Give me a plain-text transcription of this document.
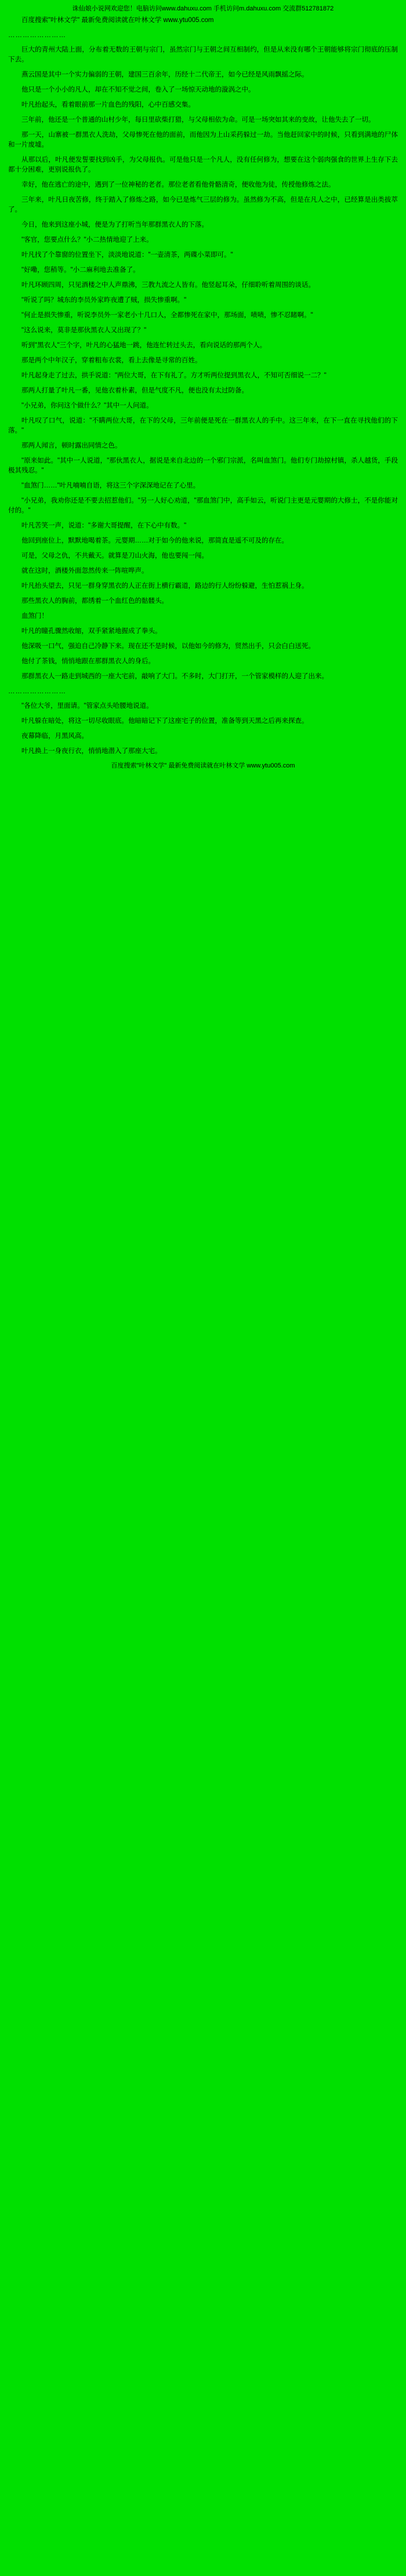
诛仙娘小说网欢迎您！电脑访问www.dahuxu.com 手机访问m.dahuxu.com 交流群512781872

百度搜索"叶林文学" 最新免费阅读就在叶林文学 www.ytu005.com

……………………

巨大的青州大陆上面，分布着无数的王朝与宗门，虽然宗门与王朝之间互相制约，但是从来没有哪个王朝能够将宗门彻底的压制下去。

燕云国是其中一个实力偏弱的王朝，建国三百余年，历经十二代帝王，如今已经是风雨飘摇之际。

他只是一个小小的凡人，却在不知不觉之间，卷入了一场惊天动地的漩涡之中。

叶凡抬起头，看着眼前那一片血色的残阳，心中百感交集。

三年前，他还是一个普通的山村少年，每日里砍柴打猎，与父母相依为命。可是一场突如其来的变故，让他失去了一切。

那一天，山寨被一群黑衣人洗劫，父母惨死在他的面前，而他因为上山采药躲过一劫。当他赶回家中的时候，只看到满地的尸体和一片废墟。

从那以后，叶凡便发誓要找到凶手，为父母报仇。可是他只是一个凡人，没有任何修为，想要在这个弱肉强食的世界上生存下去都十分困难，更别说报仇了。

幸好，他在逃亡的途中，遇到了一位神秘的老者。那位老者看他骨骼清奇，便收他为徒，传授他修炼之法。

三年来，叶凡日夜苦修，终于踏入了修炼之路，如今已是炼气三层的修为。虽然修为不高，但是在凡人之中，已经算是出类拔萃了。

今日，他来到这座小城，便是为了打听当年那群黑衣人的下落。

"客官，您要点什么？"小二热情地迎了上来。

叶凡找了个靠窗的位置坐下，淡淡地说道："一壶清茶，两碟小菜即可。"

"好嘞，您稍等。"小二麻利地去准备了。

叶凡环顾四周，只见酒楼之中人声鼎沸，三教九流之人皆有。他竖起耳朵，仔细聆听着周围的谈话。

"听说了吗？城东的李员外家昨夜遭了贼，损失惨重啊。"

"何止是损失惨重，听说李员外一家老小十几口人，全都惨死在家中，那场面，啧啧，惨不忍睹啊。"

"这么说来，莫非是那伙黑衣人又出现了？"

听到"黑衣人"三个字，叶凡的心猛地一跳，他连忙转过头去，看向说话的那两个人。

那是两个中年汉子，穿着粗布衣裳，看上去像是寻常的百姓。

叶凡起身走了过去，拱手说道："两位大哥，在下有礼了。方才听两位提到黑衣人，不知可否细说一二？"

那两人打量了叶凡一番，见他衣着朴素，但是气度不凡，便也没有太过防备。

"小兄弟，你问这个做什么？"其中一人问道。

叶凡叹了口气，说道："不瞒两位大哥，在下的父母，三年前便是死在一群黑衣人的手中。这三年来，在下一直在寻找他们的下落。"

那两人闻言，顿时露出同情之色。

"原来如此。"其中一人说道，"那伙黑衣人，据说是来自北边的一个邪门宗派，名叫血煞门。他们专门劫掠村镇，杀人越货，手段极其残忍。"

"血煞门……"叶凡喃喃自语，将这三个字深深地记在了心里。

"小兄弟，我劝你还是不要去招惹他们。"另一人好心劝道，"那血煞门中，高手如云，听说门主更是元婴期的大修士，不是你能对付的。"

叶凡苦笑一声，说道："多谢大哥提醒，在下心中有数。"

他回到座位上，默默地喝着茶。元婴期……对于如今的他来说，那简直是遥不可及的存在。

可是，父母之仇，不共戴天。就算是刀山火海，他也要闯一闯。

就在这时，酒楼外面忽然传来一阵喧哗声。

叶凡抬头望去，只见一群身穿黑衣的人正在街上横行霸道，路边的行人纷纷躲避，生怕惹祸上身。

那些黑衣人的胸前，都绣着一个血红色的骷髅头。

血煞门！

叶凡的瞳孔骤然收缩，双手紧紧地握成了拳头。

他深吸一口气，强迫自己冷静下来。现在还不是时候，以他如今的修为，贸然出手，只会白白送死。

他付了茶钱，悄悄地跟在那群黑衣人的身后。

那群黑衣人一路走到城西的一座大宅前，敲响了大门。不多时，大门打开，一个管家模样的人迎了出来。

……………………

"各位大爷，里面请。"管家点头哈腰地说道。

叶凡躲在暗处，将这一切尽收眼底。他暗暗记下了这座宅子的位置，准备等到天黑之后再来探查。

夜幕降临，月黑风高。

叶凡换上一身夜行衣，悄悄地潜入了那座大宅。

百度搜索"叶林文学" 最新免费阅读就在叶林文学 www.ytu005.com
